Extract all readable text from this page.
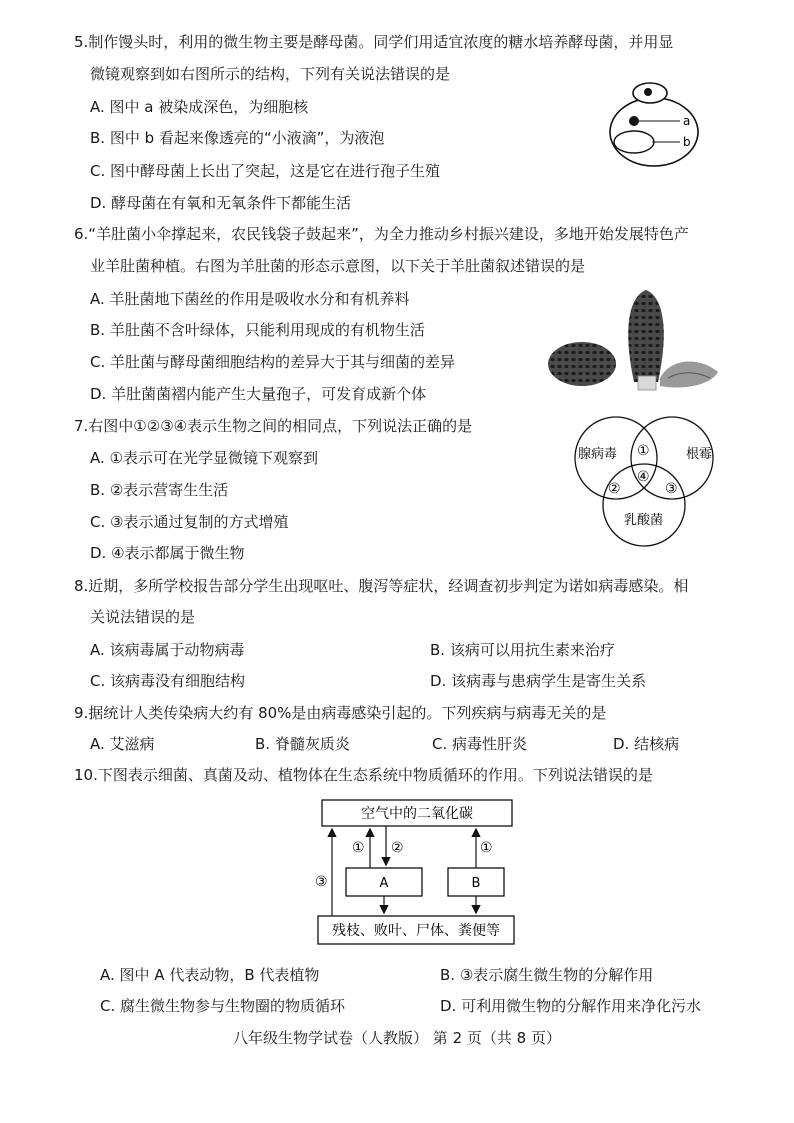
5.制作馒头时，利用的微生物主要是酵母菌。同学们用适宜浓度的糖水培养酵母菌，并用显
微镜观察到如右图所示的结构，下列有关说法错误的是
A. 图中 a 被染成深色，为细胞核
B. 图中 b 看起来像透亮的“小液滴”，为液泡
C. 图中酵母菌上长出了突起，这是它在进行孢子生殖
D. 酵母菌在有氧和无氧条件下都能生活
a
b
6.“羊肚菌小伞撑起来，农民钱袋子鼓起来”，为全力推动乡村振兴建设，多地开始发展特色产
业羊肚菌种植。右图为羊肚菌的形态示意图，以下关于羊肚菌叙述错误的是
A. 羊肚菌地下菌丝的作用是吸收水分和有机养料
B. 羊肚菌不含叶绿体，只能利用现成的有机物生活
C. 羊肚菌与酵母菌细胞结构的差异大于其与细菌的差异
D. 羊肚菌菌褶内能产生大量孢子，可发育成新个体
7.右图中①②③④表示生物之间的相同点，下列说法正确的是
A. ①表示可在光学显微镜下观察到
B. ②表示营寄生生活
C. ③表示通过复制的方式增殖
D. ④表示都属于微生物
腺病毒	根霉
乳酸菌
①
②	③
④
8.近期，多所学校报告部分学生出现呕吐、腹泻等症状，经调查初步判定为诺如病毒感染。相
关说法错误的是
A. 该病毒属于动物病毒	B. 该病可以用抗生素来治疗
C. 该病毒没有细胞结构	D. 该病毒与患病学生是寄生关系
9.据统计人类传染病大约有 80%是由病毒感染引起的。下列疾病与病毒无关的是
A. 艾滋病	B. 脊髓灰质炎	C. 病毒性肝炎	D. 结核病
10.下图表示细菌、真菌及动、植物体在生态系统中物质循环的作用。下列说法错误的是
空气中的二氧化碳
A	B
残枝、败叶、尸体、粪便等
① ②	①
③
A. 图中 A 代表动物，B 代表植物	B. ③表示腐生微生物的分解作用
C. 腐生微生物参与生物圈的物质循环	D. 可利用微生物的分解作用来净化污水
八年级生物学试卷（人教版） 第 2 页（共 8 页）
